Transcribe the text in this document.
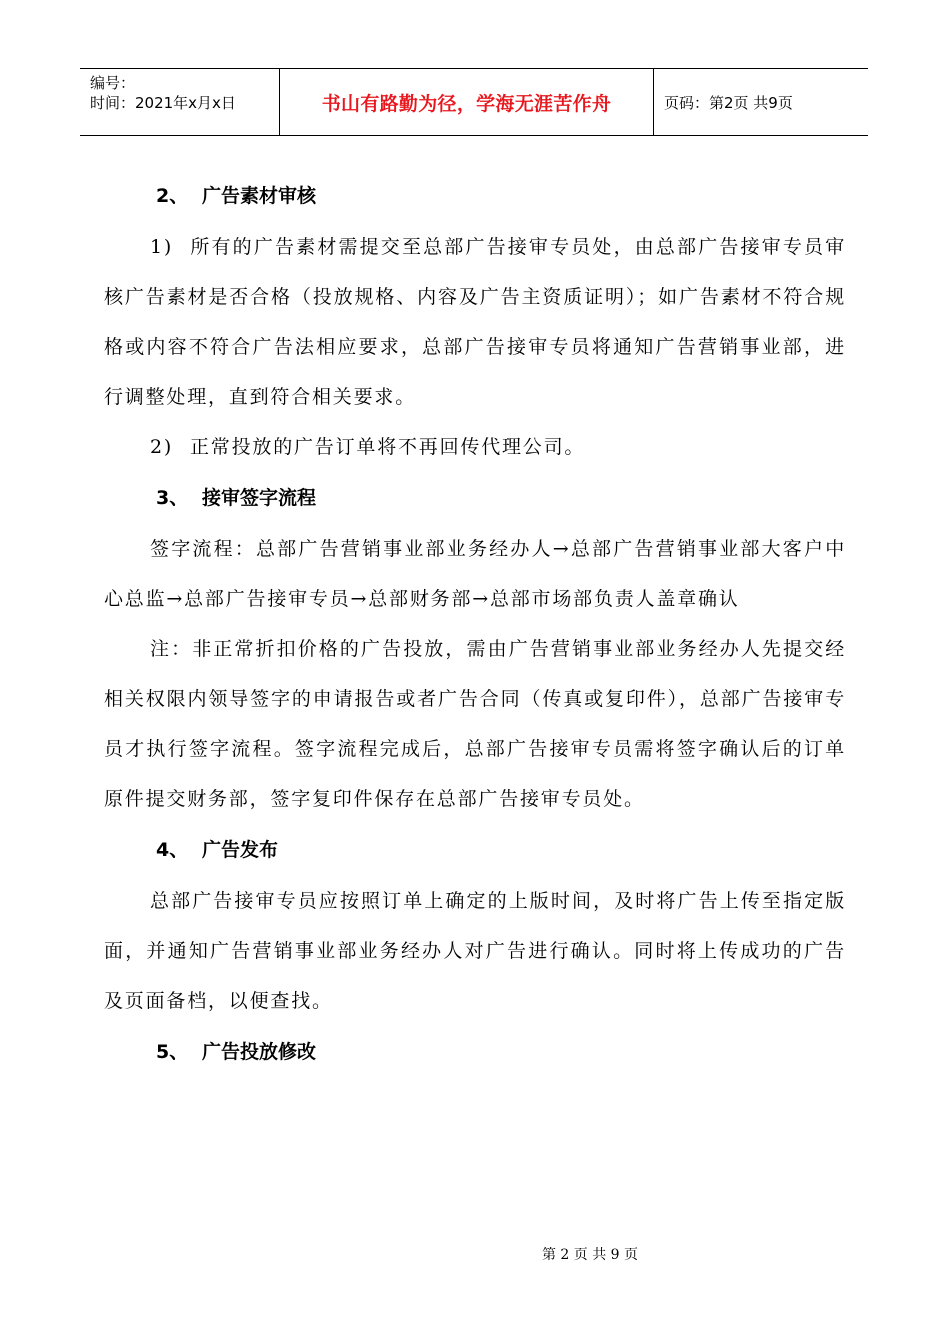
编号：
时间：2021年x月x日	书山有路勤为径，学海无涯苦作舟	页码：第2页 共9页
2、 广告素材审核

1) 所有的广告素材需提交至总部广告接审专员处，由总部广告接审专员审核广告素材是否合格（投放规格、内容及广告主资质证明）；如广告素材不符合规格或内容不符合广告法相应要求，总部广告接审专员将通知广告营销事业部，进行调整处理，直到符合相关要求。

2) 正常投放的广告订单将不再回传代理公司。

3、 接审签字流程

签字流程：总部广告营销事业部业务经办人→总部广告营销事业部大客户中心总监→总部广告接审专员→总部财务部→总部市场部负责人盖章确认

注：非正常折扣价格的广告投放，需由广告营销事业部业务经办人先提交经相关权限内领导签字的申请报告或者广告合同（传真或复印件），总部广告接审专员才执行签字流程。签字流程完成后，总部广告接审专员需将签字确认后的订单原件提交财务部，签字复印件保存在总部广告接审专员处。

4、 广告发布

总部广告接审专员应按照订单上确定的上版时间，及时将广告上传至指定版面，并通知广告营销事业部业务经办人对广告进行确认。同时将上传成功的广告及页面备档，以便查找。

5、 广告投放修改
第 2 页 共 9 页
